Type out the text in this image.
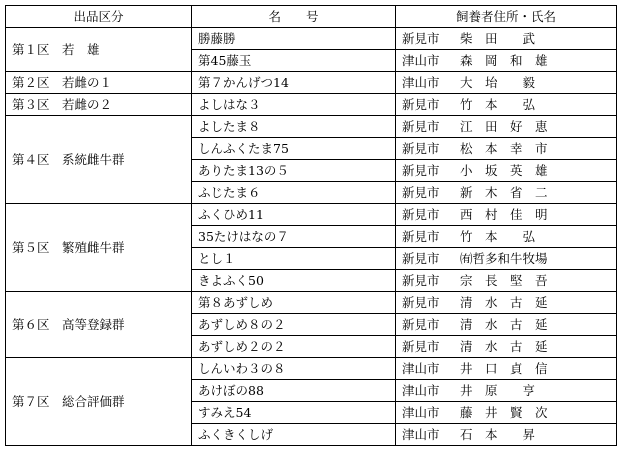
出品区分	名　　号	飼養者住所・氏名
第１区　若　雄	勝藤勝	新見市 柴　田　　武
	第45藤玉	津山市 森　岡　和　雄
第２区　若雌の１	第７かんげつ14	津山市 大　坮　　毅
第３区　若雌の２	よしはな３	新見市 竹　本　　弘
第４区　系統雌牛群	よしたま８	新見市 江　田　好　恵
	しんふくたま75	新見市 松　本　幸　市
	ありたま13の５	新見市 小　坂　英　雄
	ふじたま６	新見市 新　木　省　二
第５区　繁殖雌牛群	ふくひめ11	新見市 西　村　佳　明
	35たけはなの７	新見市 竹　本　　弘
	とし１	新見市 ㈲哲多和牛牧場
	きよふく50	新見市 宗　長　堅　吾
第６区　高等登録群	第８あずしめ	新見市 清　水　古　延
	あずしめ８の２	新見市 清　水　古　延
	あずしめ２の２	新見市 清　水　古　延
第７区　総合評価群	しんいわ３の８	津山市 井　口　貞　信
	あけぼの88	津山市 井　原　　亨
	すみえ54	津山市 藤　井　賢　次
	ふくきくしげ	津山市 石　本　　昇
